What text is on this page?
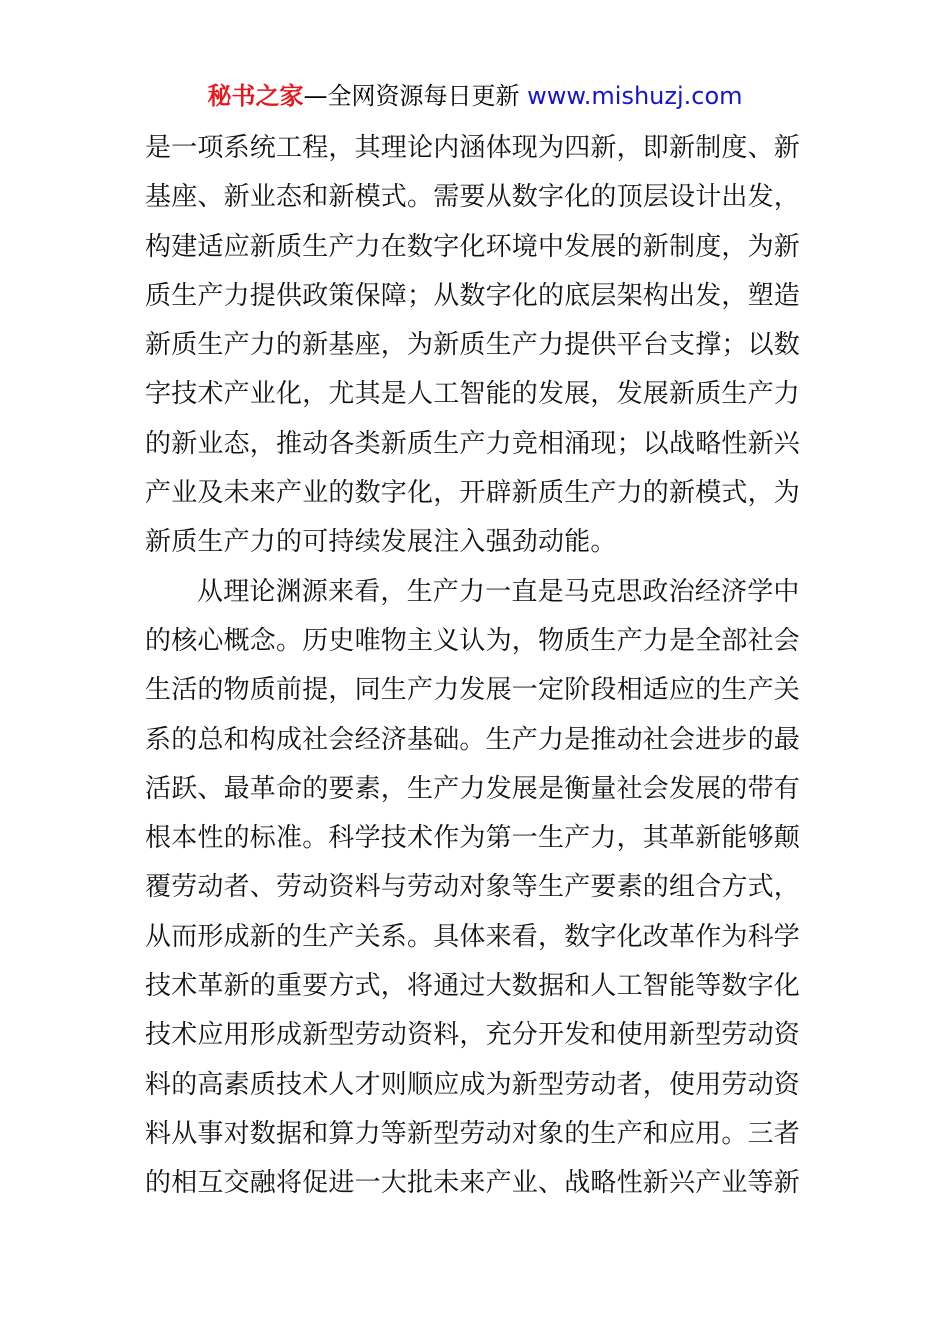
秘书之家—全网资源每日更新 www.mishuzj.com
是一项系统工程，其理论内涵体现为四新，即新制度、新
基座、新业态和新模式。需要从数字化的顶层设计出发，
构建适应新质生产力在数字化环境中发展的新制度，为新
质生产力提供政策保障；从数字化的底层架构出发，塑造
新质生产力的新基座，为新质生产力提供平台支撑；以数
字技术产业化，尤其是人工智能的发展，发展新质生产力
的新业态，推动各类新质生产力竞相涌现；以战略性新兴
产业及未来产业的数字化，开辟新质生产力的新模式，为
新质生产力的可持续发展注入强劲动能。
从理论渊源来看，生产力一直是马克思政治经济学中
的核心概念。历史唯物主义认为，物质生产力是全部社会
生活的物质前提，同生产力发展一定阶段相适应的生产关
系的总和构成社会经济基础。生产力是推动社会进步的最
活跃、最革命的要素，生产力发展是衡量社会发展的带有
根本性的标准。科学技术作为第一生产力，其革新能够颠
覆劳动者、劳动资料与劳动对象等生产要素的组合方式，
从而形成新的生产关系。具体来看，数字化改革作为科学
技术革新的重要方式，将通过大数据和人工智能等数字化
技术应用形成新型劳动资料，充分开发和使用新型劳动资
料的高素质技术人才则顺应成为新型劳动者，使用劳动资
料从事对数据和算力等新型劳动对象的生产和应用。三者
的相互交融将促进一大批未来产业、战略性新兴产业等新
